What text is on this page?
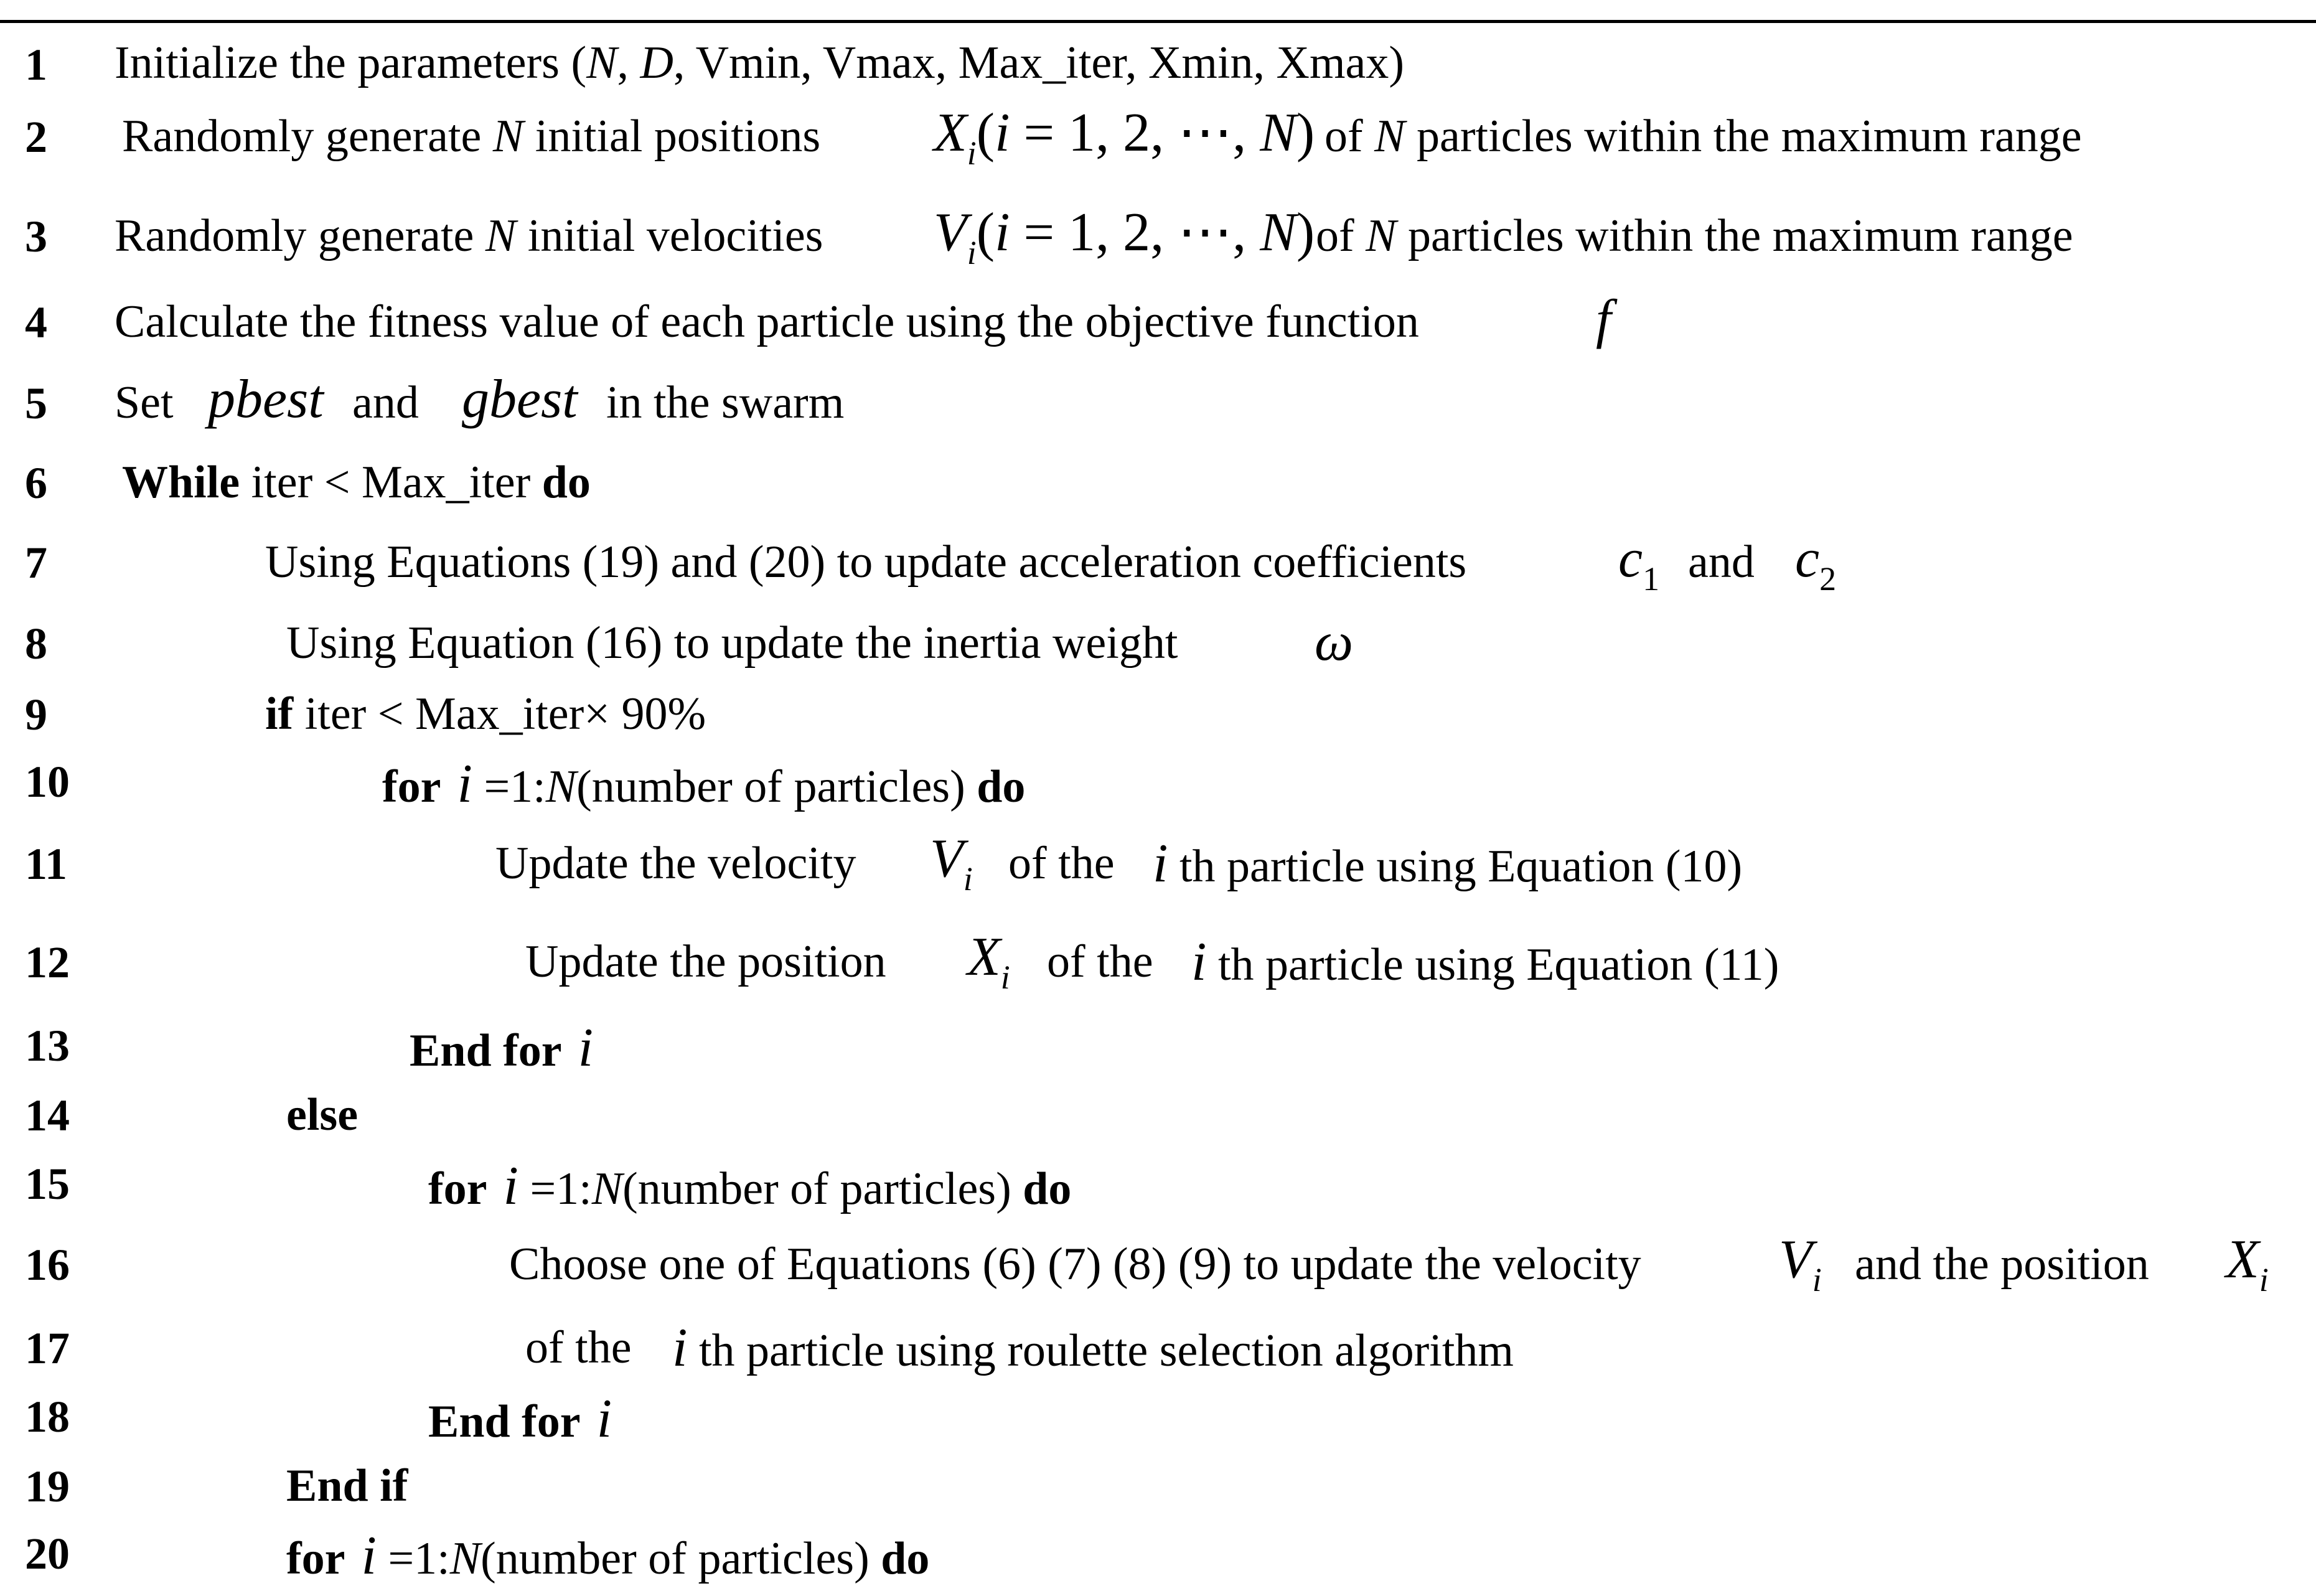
1 Initialize the parameters (N, D, Vmin, Vmax, Max_iter, Xmin, Xmax)
2 Randomly generate N initial positions $X_i(i = 1$, 2, ⋯, N) of N particles within the maximum range
3 Randomly generate N initial velocities $V_i(i = 1$, 2, ⋯, N) of N particles within the maximum range
4 Calculate the fitness value of each particle using the objective function	f
5 Set pbest and gbest in the swarm
6 While iter < Max_iter do
7	Using Equations (19) and (20) to update acceleration coefficients	$c_1$ and $c_2$
8	Using Equation (16) to update the inertia weight ω
9	if iter < Max_iter× 90%
10	for i =1:N(number of particles) do
11	Update the velocity $V_i$ of the i th particle using Equation (10)
12	Update the position $X_i$ of the i th particle using Equation (11)
13	End for i
14	else
15	for i =1:N(number of particles) do
16	Choose one of Equations (6) (7) (8) (9) to update the velocity	$V_i$ and the position $X_i$
17	of the i th particle using roulette selection algorithm
18	End for i
19	End if
20	for i =1:N(number of particles) do
